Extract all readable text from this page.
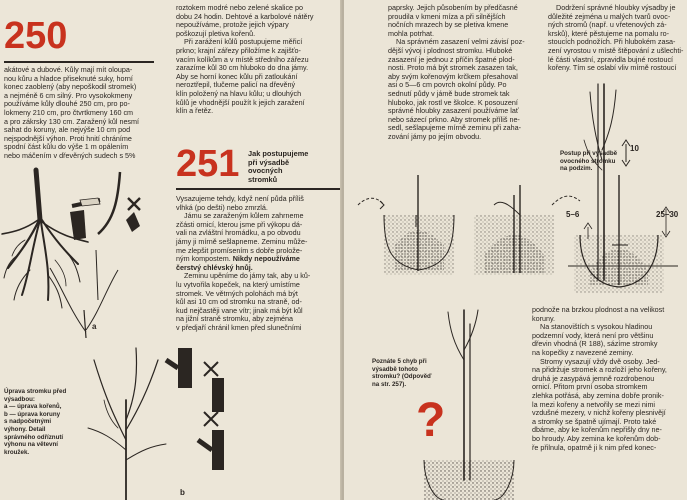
250

akátové a dubové. Kůly mají mít oloupa-

nou kůru a hladce přiseknuté suky, horní

konec zaoblený (aby nepoškodil stromek)

a nejméně 6 cm silný. Pro vysokokmeny

používáme kůly dlouhé 250 cm, pro po-

lokmeny 210 cm, pro čtvrtkmeny 160 cm

a pro zákrsky 130 cm. Zaražený kůl nesmí

sahat do koruny, ale nejvýše 10 cm pod

nejspodnější výhon. Proti hnití chráníme

spodní část kůlu do výše 1 m opálením

nebo máčením v dřevěných sudech s 5%

roztokem modré nebo zelené skalice po

dobu 24 hodin. Dehtové a karbolové nátěry

nepoužíváme, protože jejich výpary

poškozují pletiva kořenů.

Při zarážení kůlů postupujeme měřicí

prkno; krajní zářezy přiložíme k zajišťo-

vacím kolíkům a v místě středního zářezu

zarazíme kůl 30 cm hluboko do dna jámy.

Aby se horní konec kůlu při zatloukání

neroztřepil, tlučeme palicí na dřevěný

klín položený na hlavu kůlu; u dlouhých

kůlů je vhodnější použít k jejich zaražení

klín a řetěz.

251 Jak postupujeme
při výsadbě
ovocných
stromků

Vysazujeme tehdy, když není půda příliš

vlhká (po dešti) nebo zmrzlá.

Jámu se zaraženým kůlem zahrneme

zčásti ornicí, kterou jsme při výkopu dá-

vali na zvláštní hromádku, a po obvodu

jámy ji mírně sešlapneme. Zeminu může-

me zlepšit promísením s dobře prolože-

ným kompostem. Nikdy nepoužíváme

čerstvý chlévský hnůj.

Zeminu upěníme do jámy tak, aby u ků-

lu vytvořila kopeček, na který umístíme

stromek. Ve větrných polohách má být

kůl asi 10 cm od stromku na straně, od-

kud nejčastěji vane vítr; jinak má být kůl

na jižní straně stromku, aby zejména

v předjaří chránil kmen před slunečními

a
b
Úprava stromku před
výsadbou:
a — úprava kořenů,
b — úprava koruny
s nadpočetnými
výhony. Detail
správného odříznutí
výhonu na větevní
kroužek.

paprsky. Jejich působením by předčasné

proudila v kmeni míza a při silnějších

nočních mrazech by se pletiva kmene

mohla potrhat.

Na správném zasazení velmi závisí poz-

dější vývoj i plodnost stromku. Hluboké

zasazení je jednou z příčin špatné plod-

nosti. Proto má být stromek zasazen tak,

aby svým kořenovým krčkem přesahoval

asi o 5—6 cm povrch okolní půdy. Po

sednutí půdy v jámě bude stromek tak

hluboko, jak rostl ve školce. K posouzení

správné hloubky zasazení používáme lať

nebo sázecí prkno. Aby stromek příliš ne-

sedl, sešlapujeme mírně zeminu při zaha-

zování jámy po jejím obvodu.

Dodržení správné hloubky výsadby je

důležité zejména u malých tvarů ovoc-

ných stromů (např. u vřetenových zá-

krsků), které pěstujeme na pomalu ro-

stoucích podnožích. Při hlubokém zasa-

zení vyrostou v místě štěpování z ušlechti-

lé části vlastní, zpravidla bujné rostoucí

kořeny. Tím se oslabí vliv mírně rostoucí

10
Postup při výsadbě
ovocného stromku
na podzim.
5–6	25–30

podnože na brzkou plodnost a na velikost

koruny.

Na stanovištích s vysokou hladinou

podzemní vody, která není pro většinu

dřevin vhodná (R 188), sázíme stromky

na kopečky z navezené zeminy.

Stromy vysazují vždy dvě osoby. Jed-

na přidržuje stromek a rozloží jeho kořeny,

druhá je zasypává jemně rozdrobenou

ornicí. Přitom první osoba stromkem

zlehka potřásá, aby zemina dobře pronik-

la mezi kořeny a netvořily se mezi nimi

vzdušné mezery, v nichž kořeny plesnivějí

a stromky se špatně ujímají. Proto také

dbáme, aby ke kořenům nepřišly dny ne-

bo hroudy. Aby zemina ke kořenům dob-

ře přilnula, opatrně ji k nim před konec-

?
Poznáte 5 chyb při
výsadbě tohoto
stromku? (Odpověď
na str. 257).
